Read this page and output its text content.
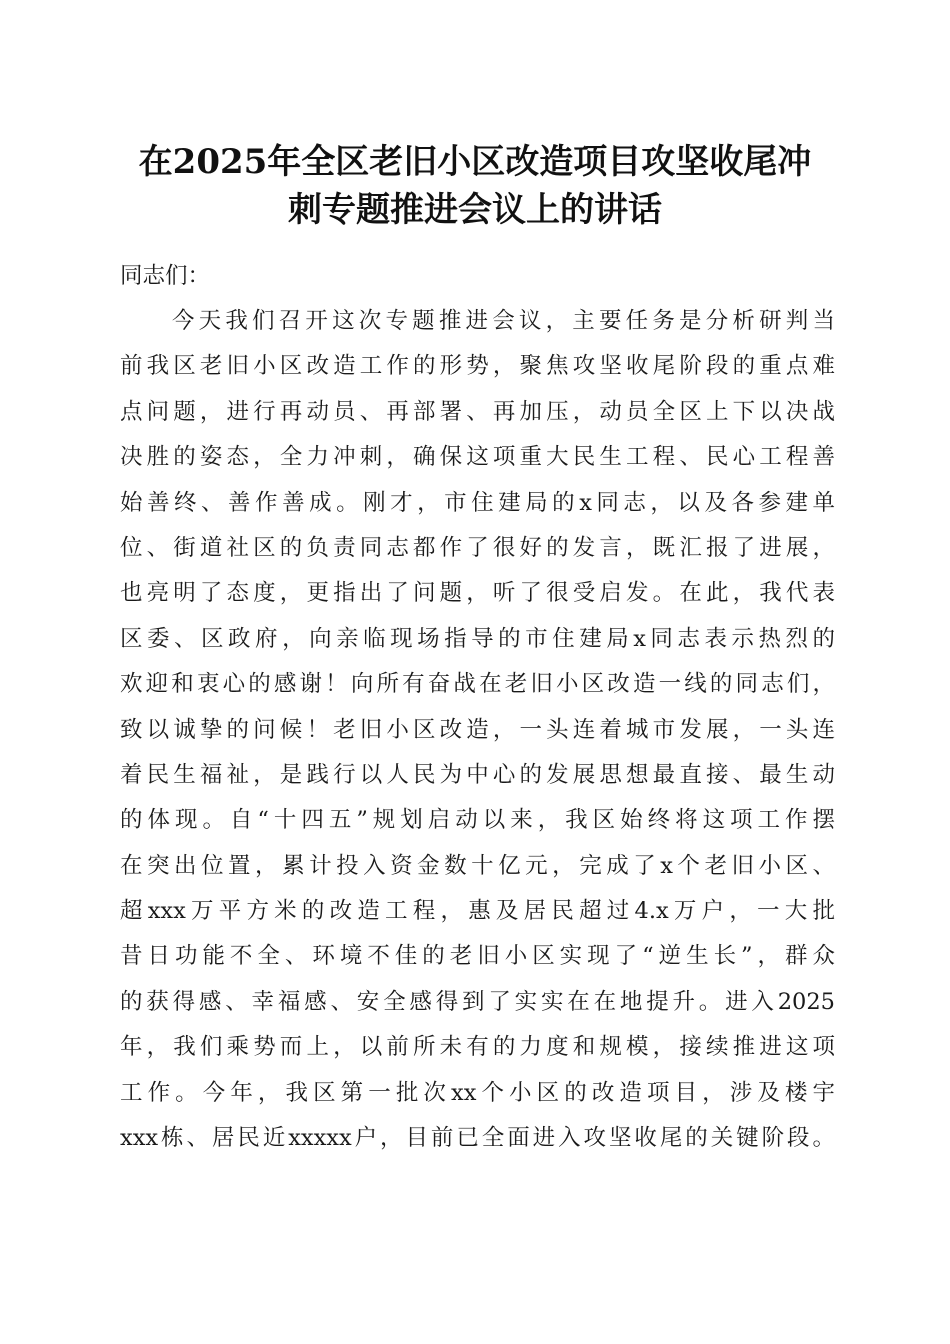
在2025年全区老旧小区改造项目攻坚收尾冲
刺专题推进会议上的讲话
同志们：
今天我们召开这次专题推进会议，主要任务是分析研判当
前我区老旧小区改造工作的形势，聚焦攻坚收尾阶段的重点难
点问题，进行再动员、再部署、再加压，动员全区上下以决战
决胜的姿态，全力冲刺，确保这项重大民生工程、民心工程善
始善终、善作善成。刚才，市住建局的x同志，以及各参建单
位、街道社区的负责同志都作了很好的发言，既汇报了进展，
也亮明了态度，更指出了问题，听了很受启发。在此，我代表
区委、区政府，向亲临现场指导的市住建局x同志表示热烈的
欢迎和衷心的感谢！向所有奋战在老旧小区改造一线的同志们，
致以诚挚的问候！老旧小区改造，一头连着城市发展，一头连
着民生福祉，是践行以人民为中心的发展思想最直接、最生动
的体现。自“十四五”规划启动以来，我区始终将这项工作摆
在突出位置，累计投入资金数十亿元，完成了x个老旧小区、
超xxx万平方米的改造工程，惠及居民超过4.x万户，一大批
昔日功能不全、环境不佳的老旧小区实现了“逆生长”，群众
的获得感、幸福感、安全感得到了实实在在地提升。进入2025
年，我们乘势而上，以前所未有的力度和规模，接续推进这项
工作。今年，我区第一批次xx个小区的改造项目，涉及楼宇
xxx栋、居民近xxxxx户，目前已全面进入攻坚收尾的关键阶段。
